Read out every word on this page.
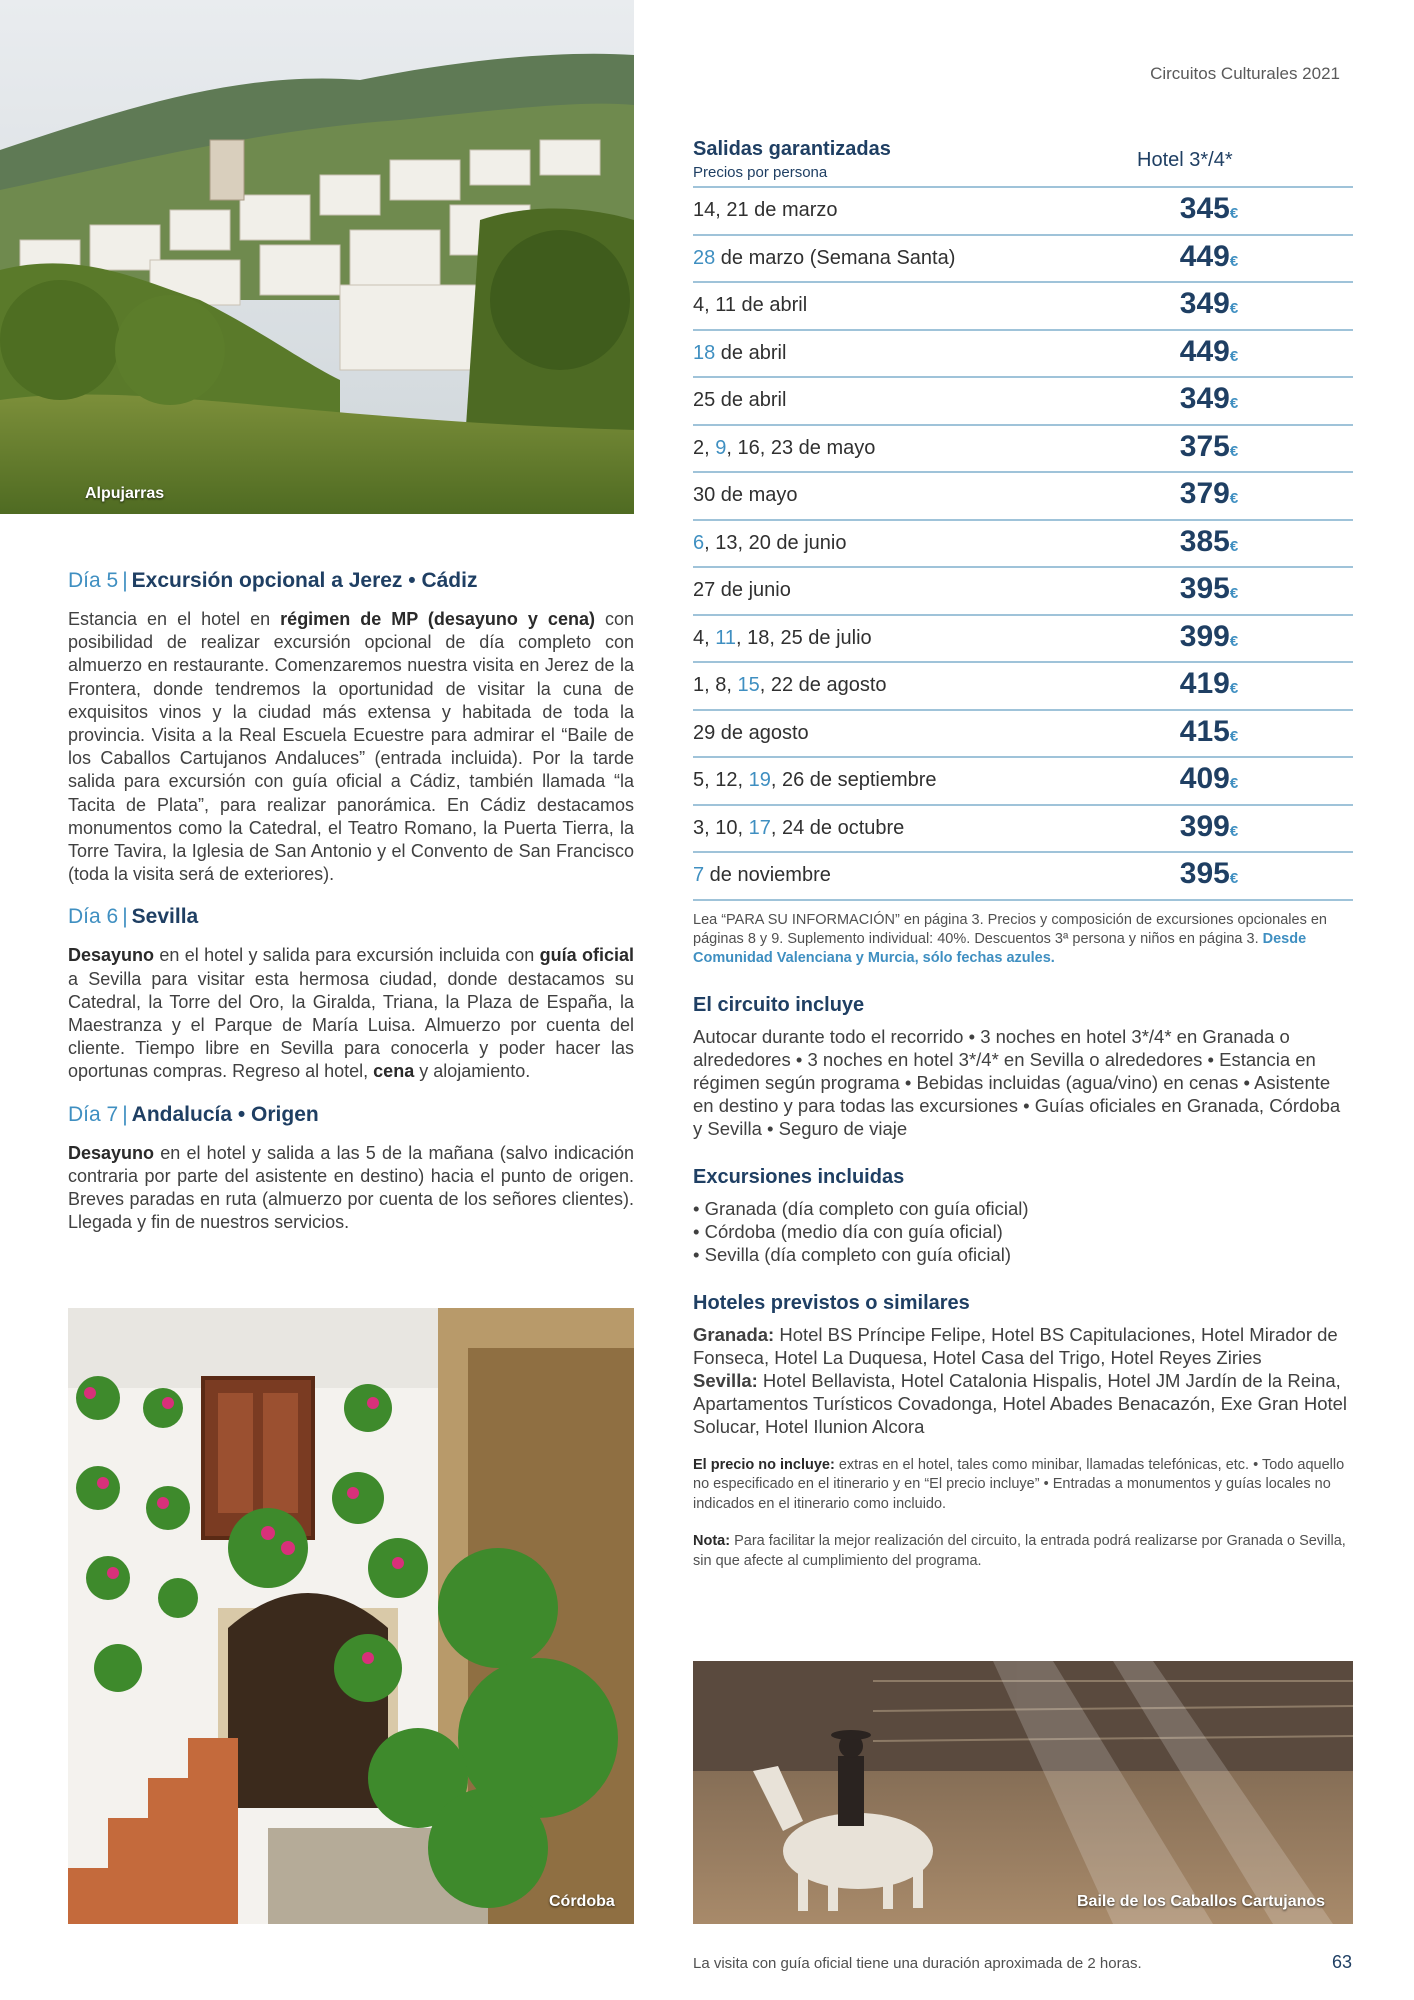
Circuitos Culturales 2021
Alpujarras
Día 5 | Excursión opcional a Jerez • Cádiz

Estancia en el hotel en régimen de MP (desayuno y cena) con posibilidad de realizar excursión opcional de día completo con almuerzo en restaurante. Comenzaremos nuestra visita en Jerez de la Frontera, donde tendremos la oportunidad de visitar la cuna de exquisitos vinos y la ciudad más extensa y habitada de toda la provincia. Visita a la Real Escuela Ecuestre para admirar el “Baile de los Caballos Cartujanos Andaluces” (entrada incluida). Por la tarde salida para excursión con guía oficial a Cádiz, también llamada “la Tacita de Plata”, para realizar panorámica. En Cádiz destacamos monumentos como la Catedral, el Teatro Romano, la Puerta Tierra, la Torre Tavira, la Iglesia de San Antonio y el Convento de San Francisco (toda la visita será de exteriores).

Día 6 | Sevilla

Desayuno en el hotel y salida para excursión incluida con guía oficial a Sevilla para visitar esta hermosa ciudad, donde destacamos su Catedral, la Torre del Oro, la Giralda, Triana, la Plaza de España, la Maestranza y el Parque de María Luisa. Almuerzo por cuenta del cliente. Tiempo libre en Sevilla para conocerla y poder hacer las oportunas compras. Regreso al hotel, cena y alojamiento.

Día 7 | Andalucía • Origen

Desayuno en el hotel y salida a las 5 de la mañana (salvo indicación contraria por parte del asistente en destino) hacia el punto de origen. Breves paradas en ruta (almuerzo por cuenta de los señores clientes). Llegada y fin de nuestros servicios.

Córdoba
Salidas garantizadas
Precios por persona
Hotel 3*/4*
14, 21 de marzo	345€
28 de marzo (Semana Santa)	449€
4, 11 de abril	349€
18 de abril	449€
25 de abril	349€
2, 9, 16, 23 de mayo	375€
30 de mayo	379€
6, 13, 20 de junio	385€
27 de junio	395€
4, 11, 18, 25 de julio	399€
1, 8, 15, 22 de agosto	419€
29 de agosto	415€
5, 12, 19, 26 de septiembre	409€
3, 10, 17, 24 de octubre	399€
7 de noviembre	395€
Lea “PARA SU INFORMACIÓN” en página 3. Precios y composición de excursiones opcionales en páginas 8 y 9. Suplemento individual: 40%. Descuentos 3ª persona y niños en página 3. Desde Comunidad Valenciana y Murcia, sólo fechas azules.
El circuito incluye
Autocar durante todo el recorrido • 3 noches en hotel 3*/4* en Granada o alrededores • 3 noches en hotel 3*/4* en Sevilla o alrededores • Estancia en régimen según programa • Bebidas incluidas (agua/vino) en cenas • Asistente en destino y para todas las excursiones • Guías oficiales en Granada, Córdoba y Sevilla • Seguro de viaje
Excursiones incluidas
• Granada (día completo con guía oficial)
• Córdoba (medio día con guía oficial)
• Sevilla (día completo con guía oficial)
Hoteles previstos o similares
Granada: Hotel BS Príncipe Felipe, Hotel BS Capitulaciones, Hotel Mirador de Fonseca, Hotel La Duquesa, Hotel Casa del Trigo, Hotel Reyes Ziries
Sevilla: Hotel Bellavista, Hotel Catalonia Hispalis, Hotel JM Jardín de la Reina, Apartamentos Turísticos Covadonga, Hotel Abades Benacazón, Exe Gran Hotel Solucar, Hotel Ilunion Alcora
El precio no incluye: extras en el hotel, tales como minibar, llamadas telefónicas, etc. • Todo aquello no especificado en el itinerario y en “El precio incluye” • Entradas a monumentos y guías locales no indicados en el itinerario como incluido.
Nota: Para facilitar la mejor realización del circuito, la entrada podrá realizarse por Granada o Sevilla, sin que afecte al cumplimiento del programa.
Baile de los Caballos Cartujanos
La visita con guía oficial tiene una duración aproximada de 2 horas.	63
